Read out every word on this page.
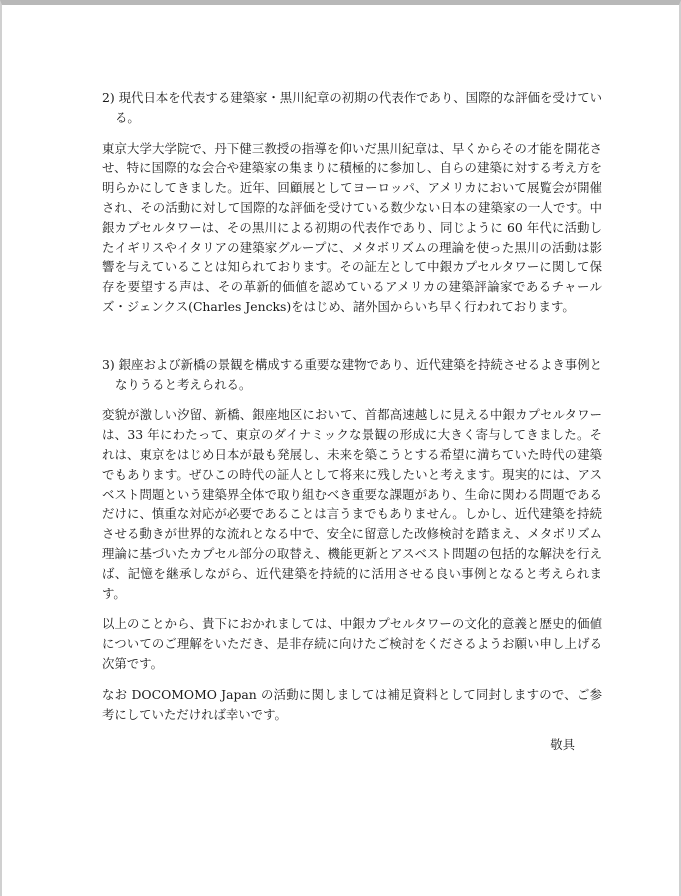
2) 現代日本を代表する建築家・黒川紀章の初期の代表作であり、国際的な評価を受けている。

東京大学大学院で、丹下健三教授の指導を仰いだ黒川紀章は、早くからその才能を開花させ、特に国際的な会合や建築家の集まりに積極的に参加し、自らの建築に対する考え方を明らかにしてきました。近年、回顧展としてヨーロッパ、アメリカにおいて展覧会が開催され、その活動に対して国際的な評価を受けている数少ない日本の建築家の一人です。中銀カプセルタワーは、その黒川による初期の代表作であり、同じように 60 年代に活動したイギリスやイタリアの建築家グループに、メタボリズムの理論を使った黒川の活動は影響を与えていることは知られております。その証左として中銀カプセルタワーに関して保存を要望する声は、その革新的価値を認めているアメリカの建築評論家であるチャールズ・ジェンクス(Charles Jencks)をはじめ、諸外国からいち早く行われております。

3) 銀座および新橋の景観を構成する重要な建物であり、近代建築を持続させるよき事例となりうると考えられる。

変貌が激しい汐留、新橋、銀座地区において、首都高速越しに見える中銀カプセルタワーは、33 年にわたって、東京のダイナミックな景観の形成に大きく寄与してきました。それは、東京をはじめ日本が最も発展し、未来を築こうとする希望に満ちていた時代の建築でもあります。ぜひこの時代の証人として将来に残したいと考えます。現実的には、アスベスト問題という建築界全体で取り組むべき重要な課題があり、生命に関わる問題であるだけに、慎重な対応が必要であることは言うまでもありません。しかし、近代建築を持続させる動きが世界的な流れとなる中で、安全に留意した改修検討を踏まえ、メタボリズム理論に基づいたカプセル部分の取替え、機能更新とアスベスト問題の包括的な解決を行えば、記憶を継承しながら、近代建築を持続的に活用させる良い事例となると考えられます。

以上のことから、貴下におかれましては、中銀カプセルタワーの文化的意義と歴史的価値についてのご理解をいただき、是非存続に向けたご検討をくださるようお願い申し上げる次第です。

なお DOCOMOMO Japan の活動に関しましては補足資料として同封しますので、ご参考にしていただければ幸いです。

敬具
